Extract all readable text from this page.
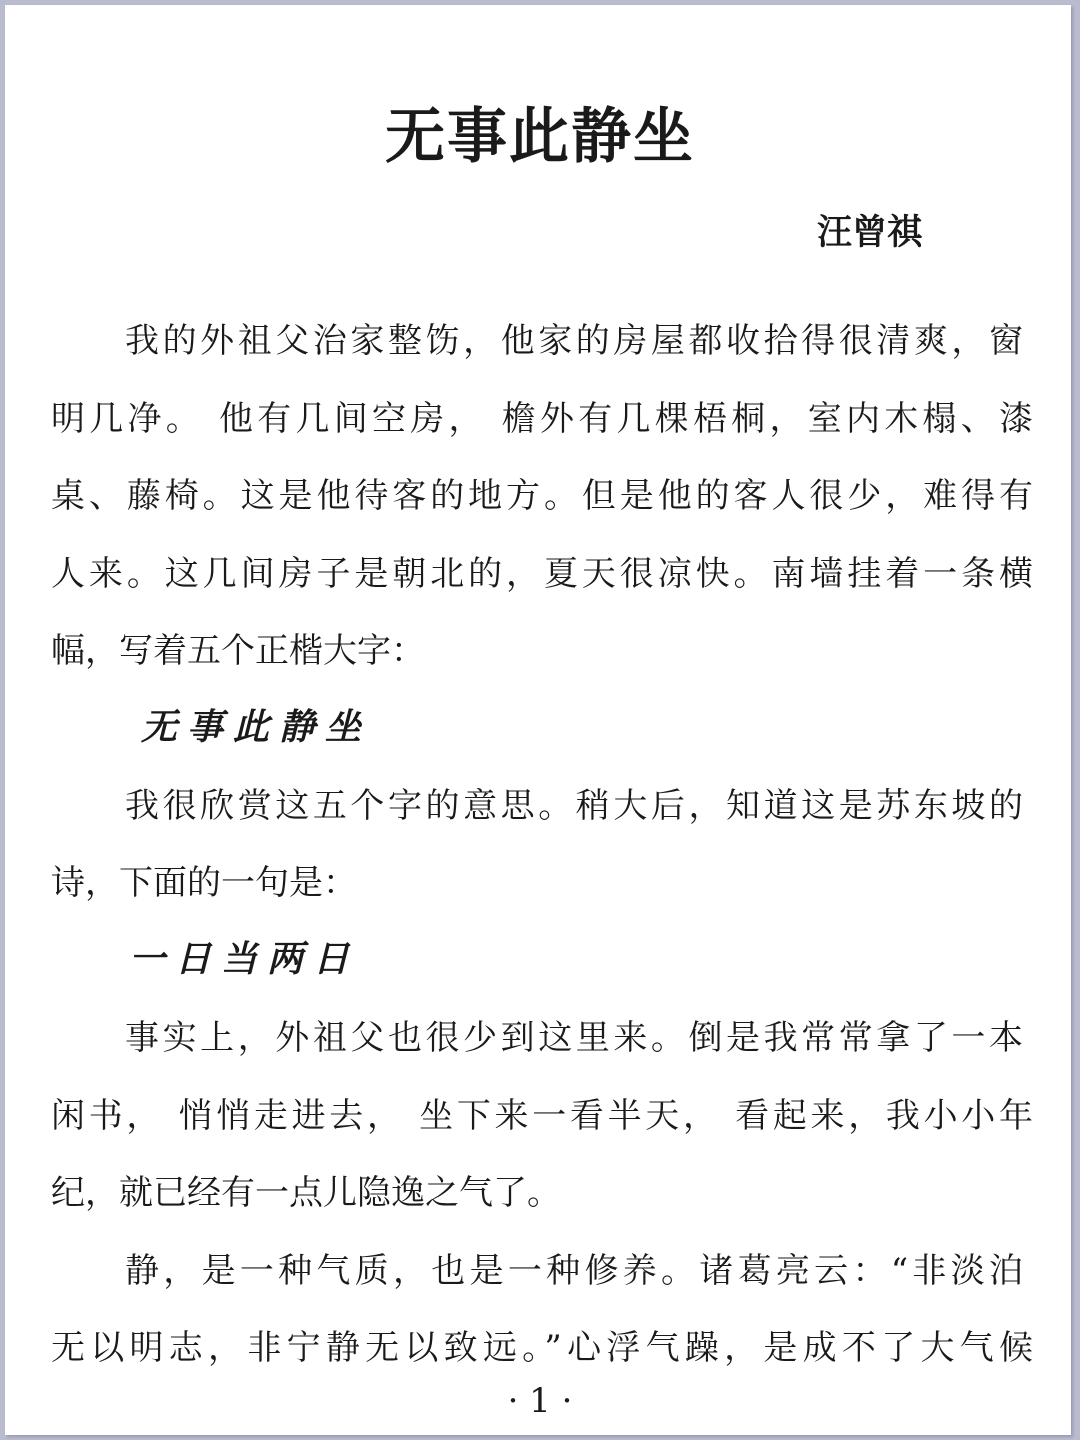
无事此静坐
汪曾祺
我的外祖父治家整饬，他家的房屋都收拾得很清爽，窗
明几净。 他有几间空房， 檐外有几棵梧桐，室内木榻、漆
桌、藤椅。这是他待客的地方。但是他的客人很少，难得有
人来。这几间房子是朝北的，夏天很凉快。南墙挂着一条横
幅，写着五个正楷大字：
无事此静坐
我很欣赏这五个字的意思。稍大后，知道这是苏东坡的
诗，下面的一句是：
一日当两日
事实上，外祖父也很少到这里来。倒是我常常拿了一本
闲书， 悄悄走进去， 坐下来一看半天， 看起来，我小小年
纪，就已经有一点儿隐逸之气了。
静，是一种气质，也是一种修养。诸葛亮云：“非淡泊
无以明志，非宁静无以致远。”心浮气躁，是成不了大气候
· 1 ·
